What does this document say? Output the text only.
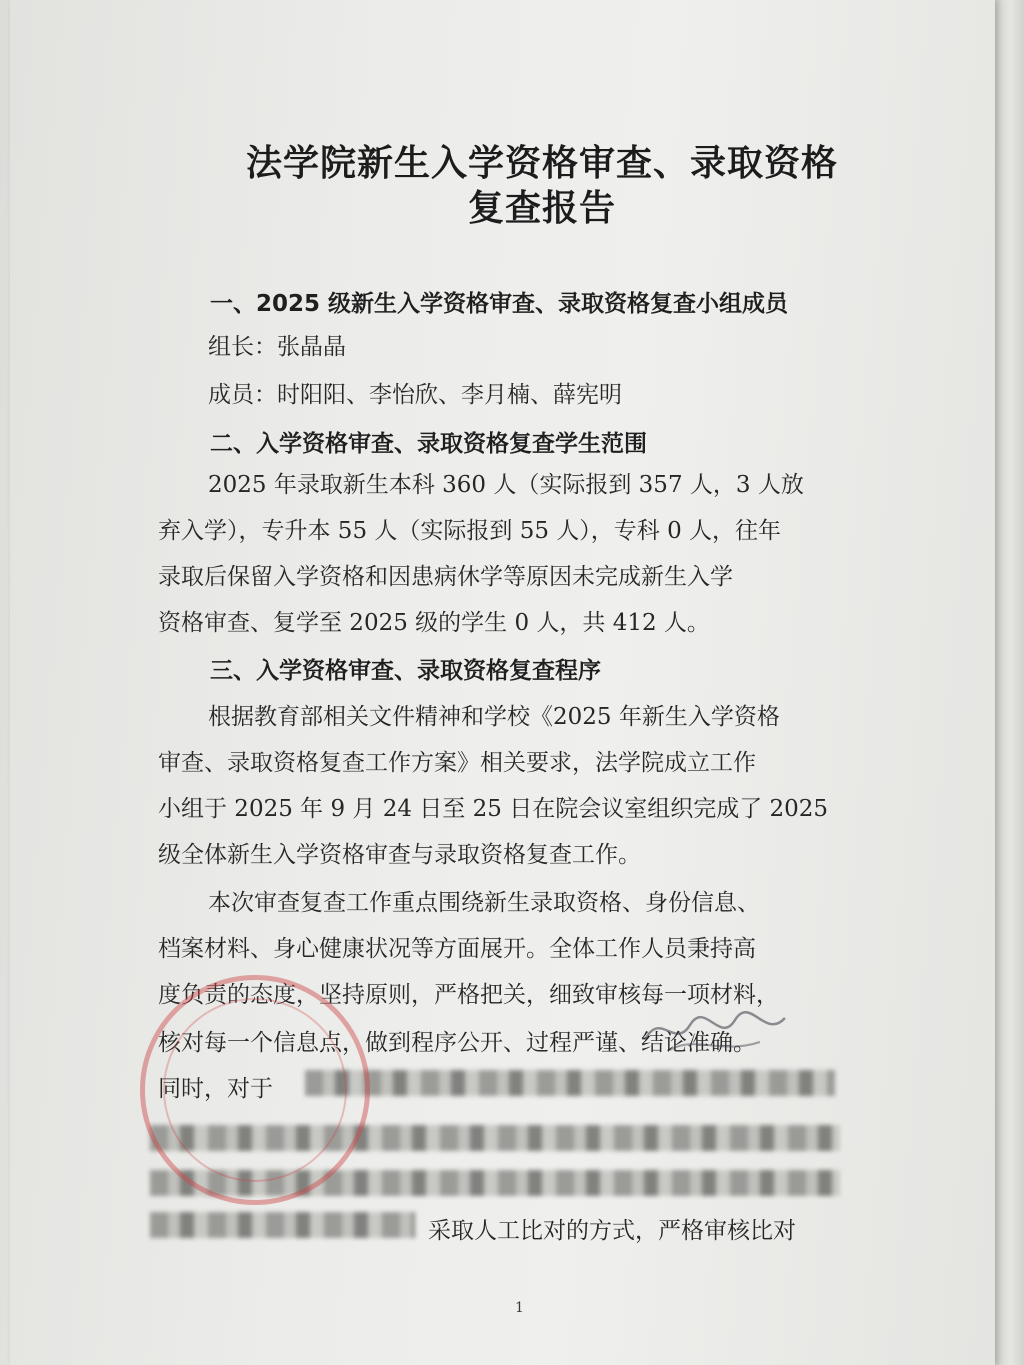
法学院新生入学资格审查、录取资格
复查报告

一、2025 级新生入学资格审查、录取资格复查小组成员

组长：张晶晶

成员：时阳阳、李怡欣、李月楠、薛宪明

二、入学资格审查、录取资格复查学生范围

2025 年录取新生本科 360 人（实际报到 357 人，3 人放

弃入学），专升本 55 人（实际报到 55 人），专科 0 人，往年

录取后保留入学资格和因患病休学等原因未完成新生入学

资格审查、复学至 2025 级的学生 0 人，共 412 人。

三、入学资格审查、录取资格复查程序

根据教育部相关文件精神和学校《2025 年新生入学资格

审查、录取资格复查工作方案》相关要求，法学院成立工作

小组于 2025 年 9 月 24 日至 25 日在院会议室组织完成了 2025

级全体新生入学资格审查与录取资格复查工作。

本次审查复查工作重点围绕新生录取资格、身份信息、

档案材料、身心健康状况等方面展开。全体工作人员秉持高

度负责的态度，坚持原则，严格把关，细致审核每一项材料，

核对每一个信息点，做到程序公开、过程严谨、结论准确。

同时，对于

采取人工比对的方式，严格审核比对

1
